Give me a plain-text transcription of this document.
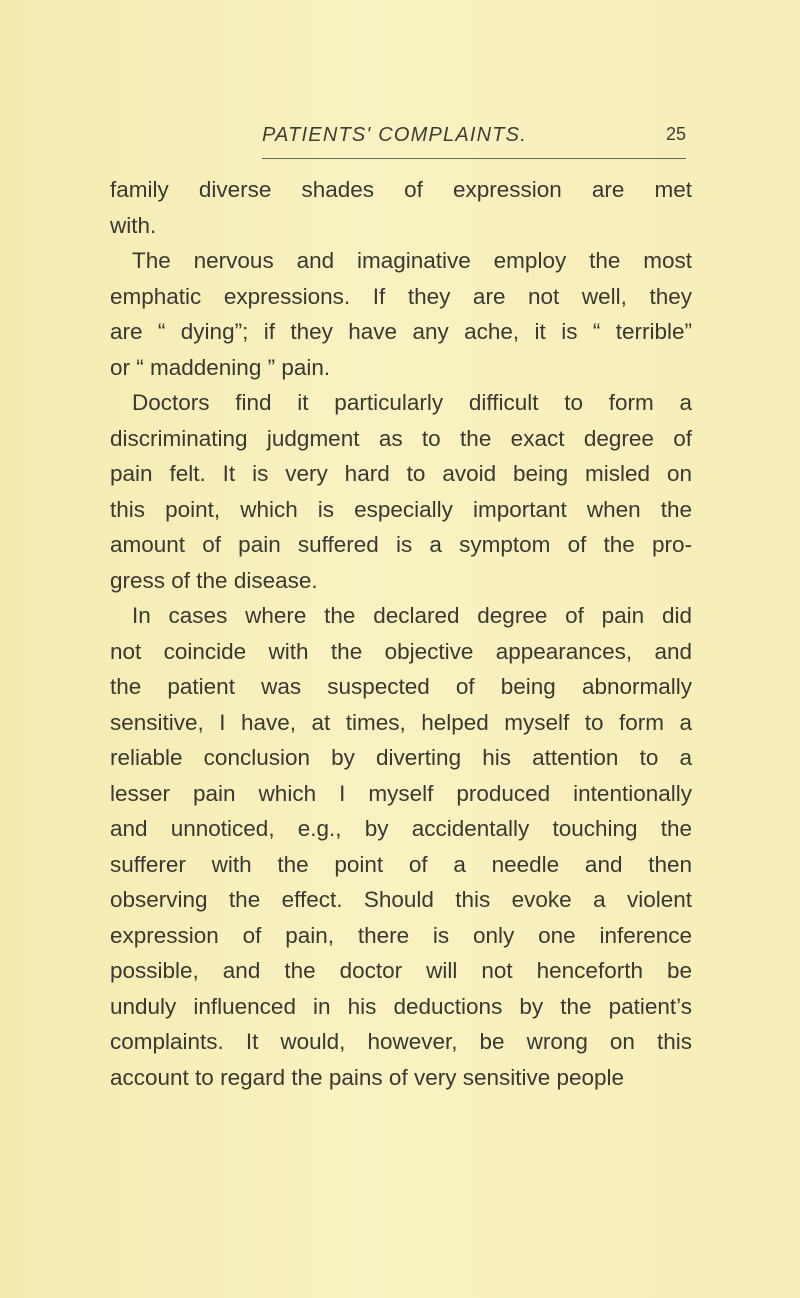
PATIENTS' COMPLAINTS.	25
family diverse shades of expression are met
with.
The nervous and imaginative employ the most
emphatic expressions. If they are not well, they
are “ dying”; if they have any ache, it is “ terrible”
or “ maddening ” pain.
Doctors find it particularly difficult to form a
discriminating judgment as to the exact degree of
pain felt. It is very hard to avoid being misled on
this point, which is especially important when the
amount of pain suffered is a symptom of the pro-
gress of the disease.
In cases where the declared degree of pain did
not coincide with the objective appearances, and
the patient was suspected of being abnormally
sensitive, I have, at times, helped myself to form a
reliable conclusion by diverting his attention to a
lesser pain which I myself produced intentionally
and unnoticed, e.g., by accidentally touching the
sufferer with the point of a needle and then
observing the effect. Should this evoke a violent
expression of pain, there is only one inference
possible, and the doctor will not henceforth be
unduly influenced in his deductions by the patient’s
complaints. It would, however, be wrong on this
account to regard the pains of very sensitive people
